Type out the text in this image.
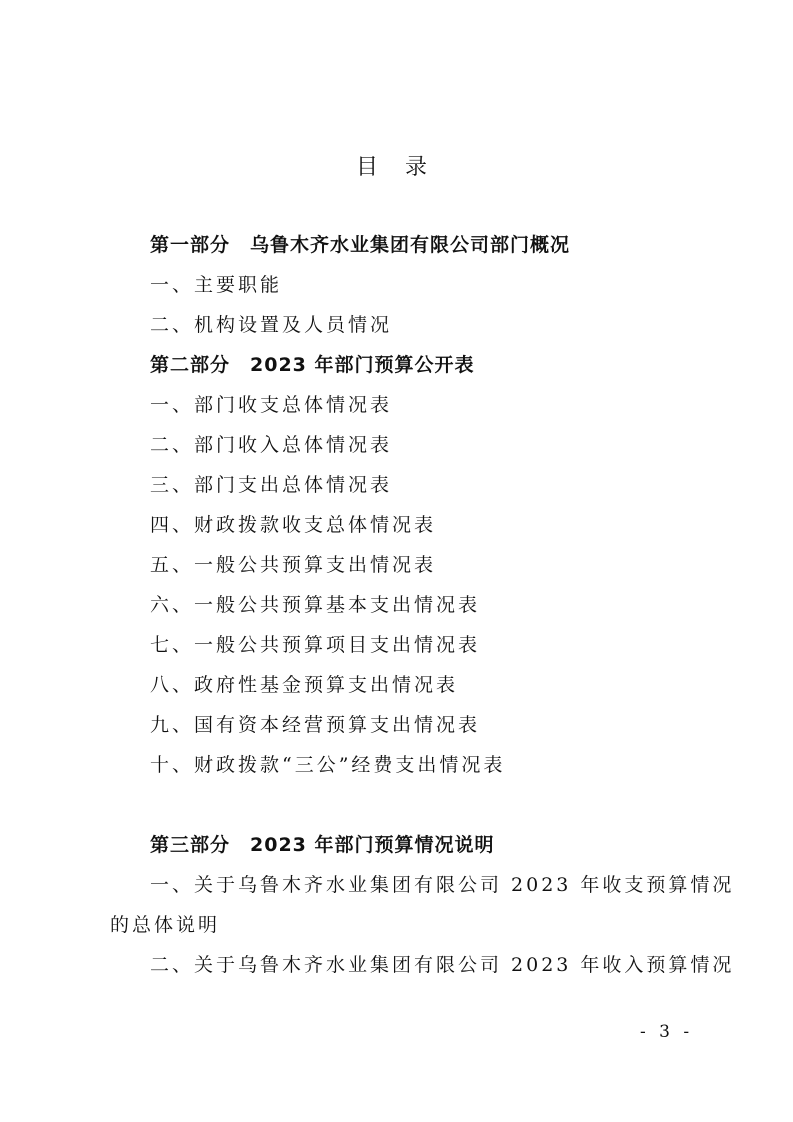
目 录
第一部分 乌鲁木齐水业集团有限公司部门概况
一、主要职能
二、机构设置及人员情况
第二部分 2023 年部门预算公开表
一、部门收支总体情况表
二、部门收入总体情况表
三、部门支出总体情况表
四、财政拨款收支总体情况表
五、一般公共预算支出情况表
六、一般公共预算基本支出情况表
七、一般公共预算项目支出情况表
八、政府性基金预算支出情况表
九、国有资本经营预算支出情况表
十、财政拨款“三公”经费支出情况表
第三部分 2023 年部门预算情况说明
一、关于乌鲁木齐水业集团有限公司 2023 年收支预算情况
的总体说明
二、关于乌鲁木齐水业集团有限公司 2023 年收入预算情况
- 3 -
